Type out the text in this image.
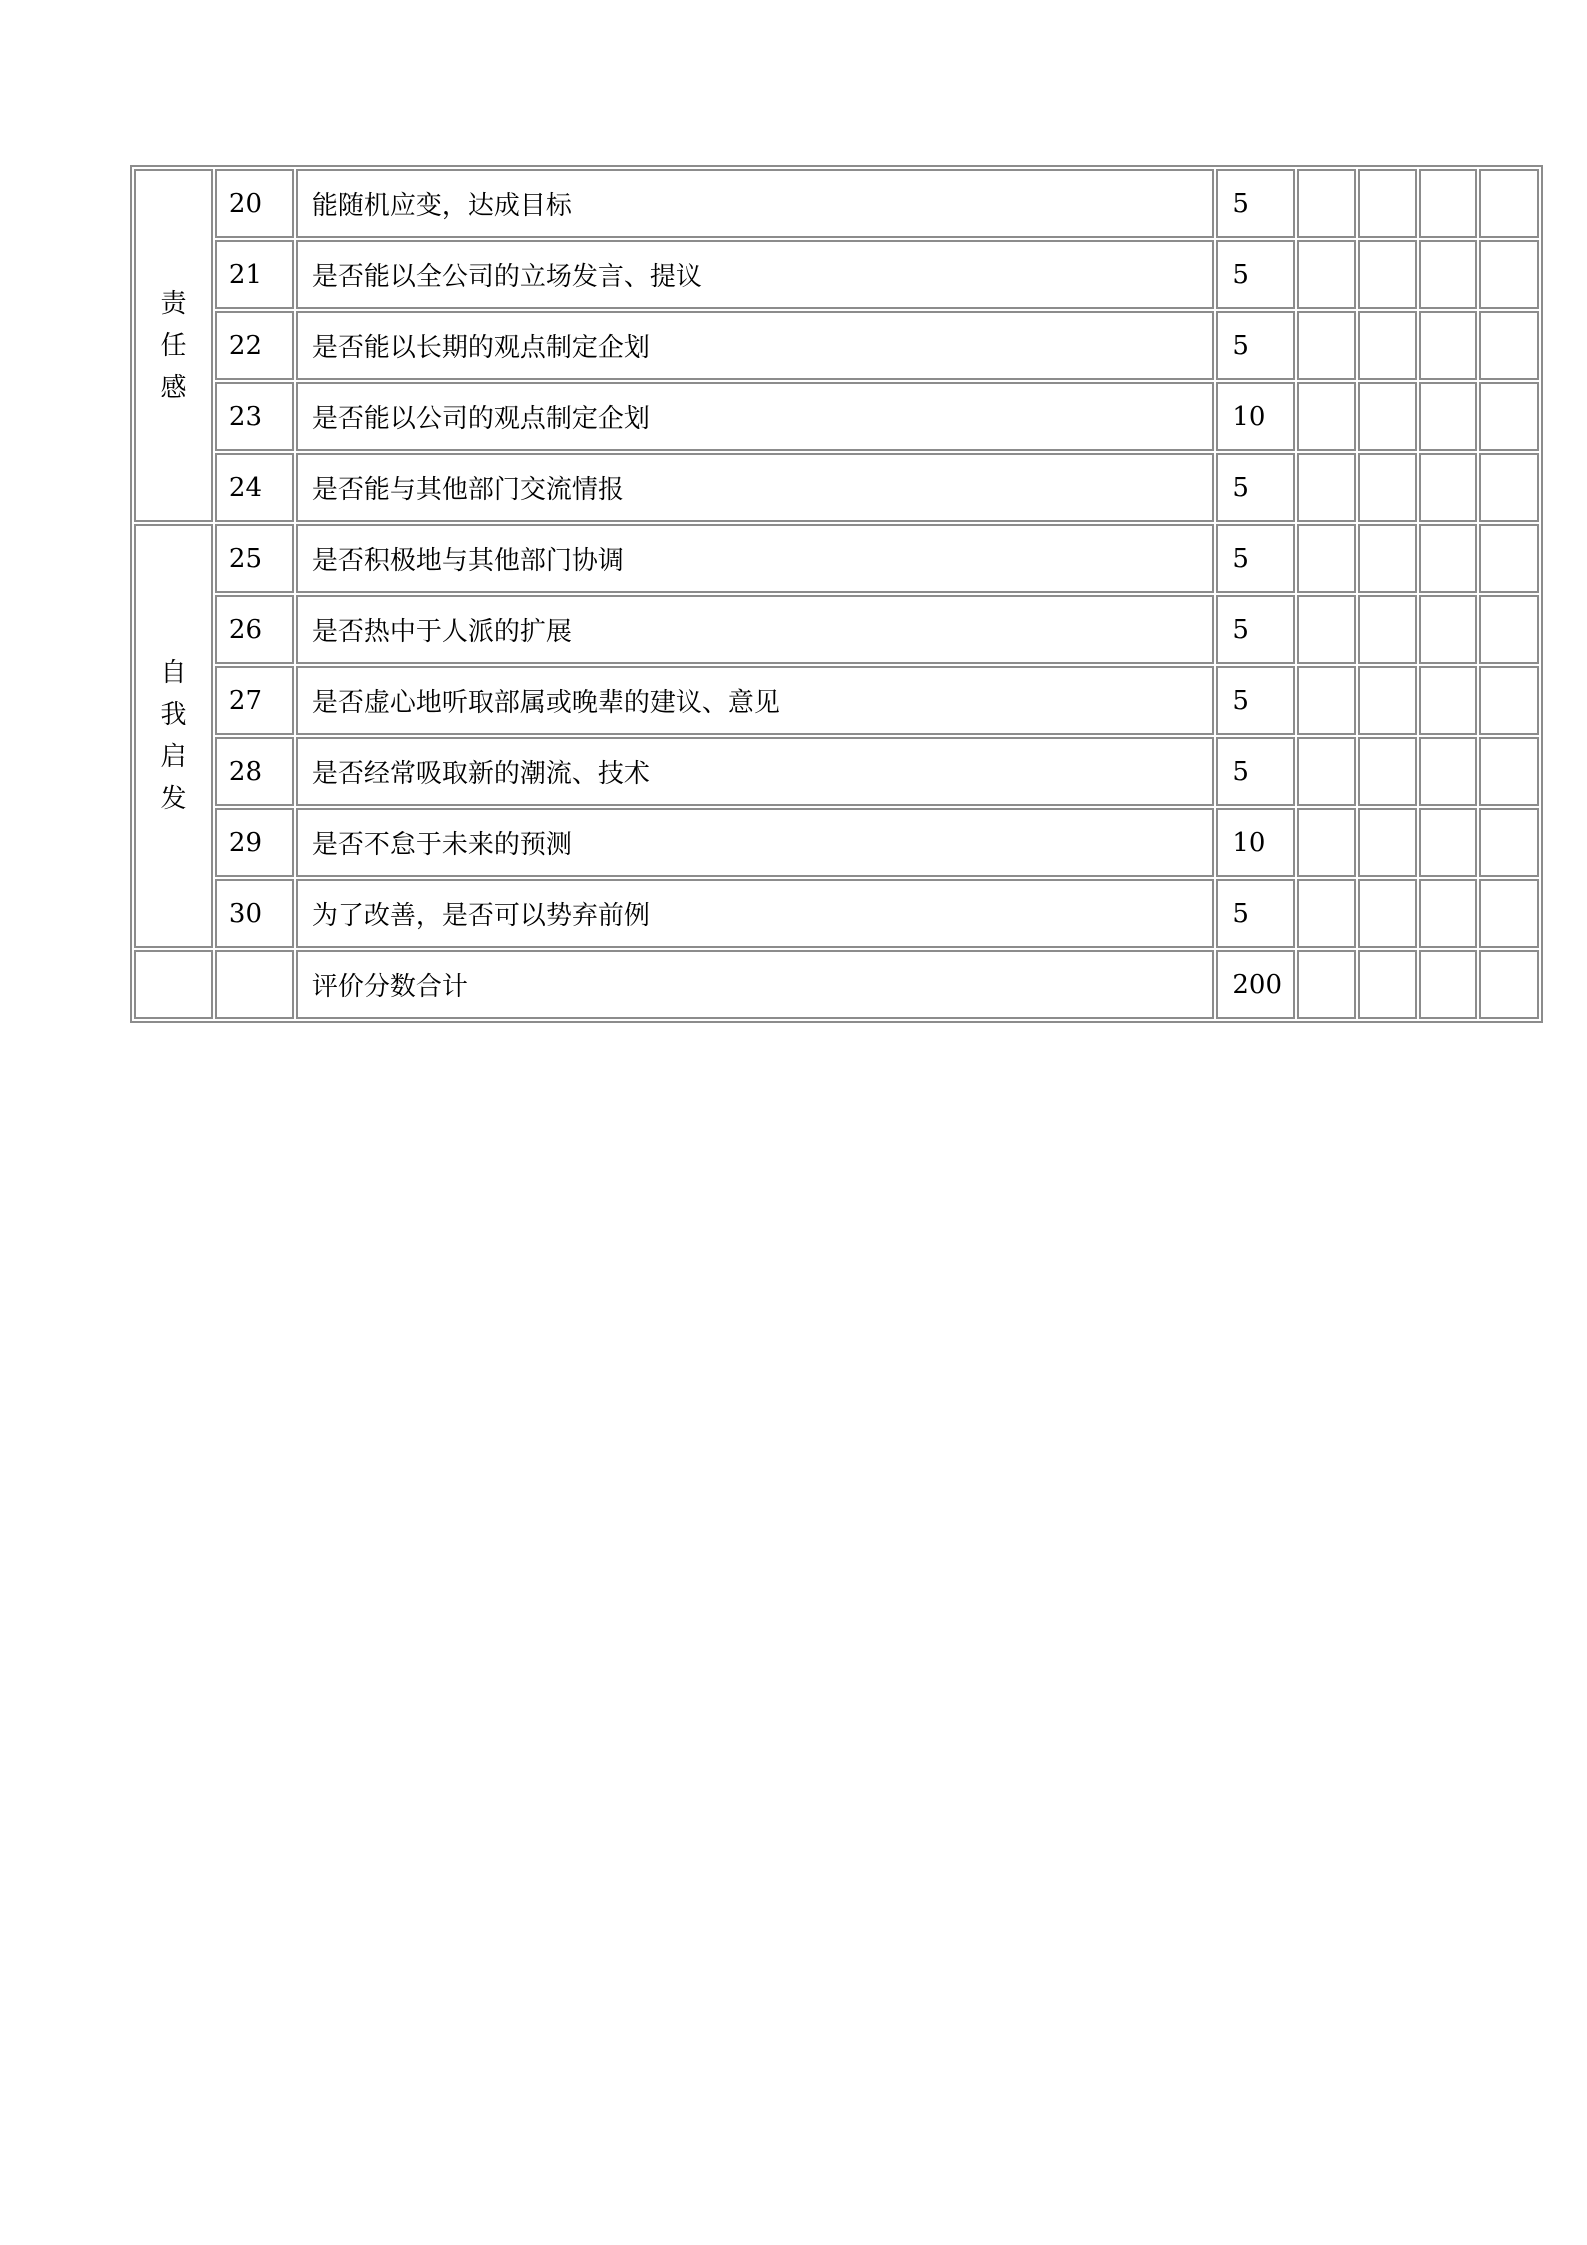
责任感	20	能随机应变，达成目标	5				
	21	是否能以全公司的立场发言、提议	5				
	22	是否能以长期的观点制定企划	5				
	23	是否能以公司的观点制定企划	10				
	24	是否能与其他部门交流情报	5				
自我启发	25	是否积极地与其他部门协调	5				
	26	是否热中于人派的扩展	5				
	27	是否虚心地听取部属或晚辈的建议、意见	5				
	28	是否经常吸取新的潮流、技术	5				
	29	是否不怠于未来的预测	10				
	30	为了改善，是否可以势弃前例	5				
		评价分数合计	200				
